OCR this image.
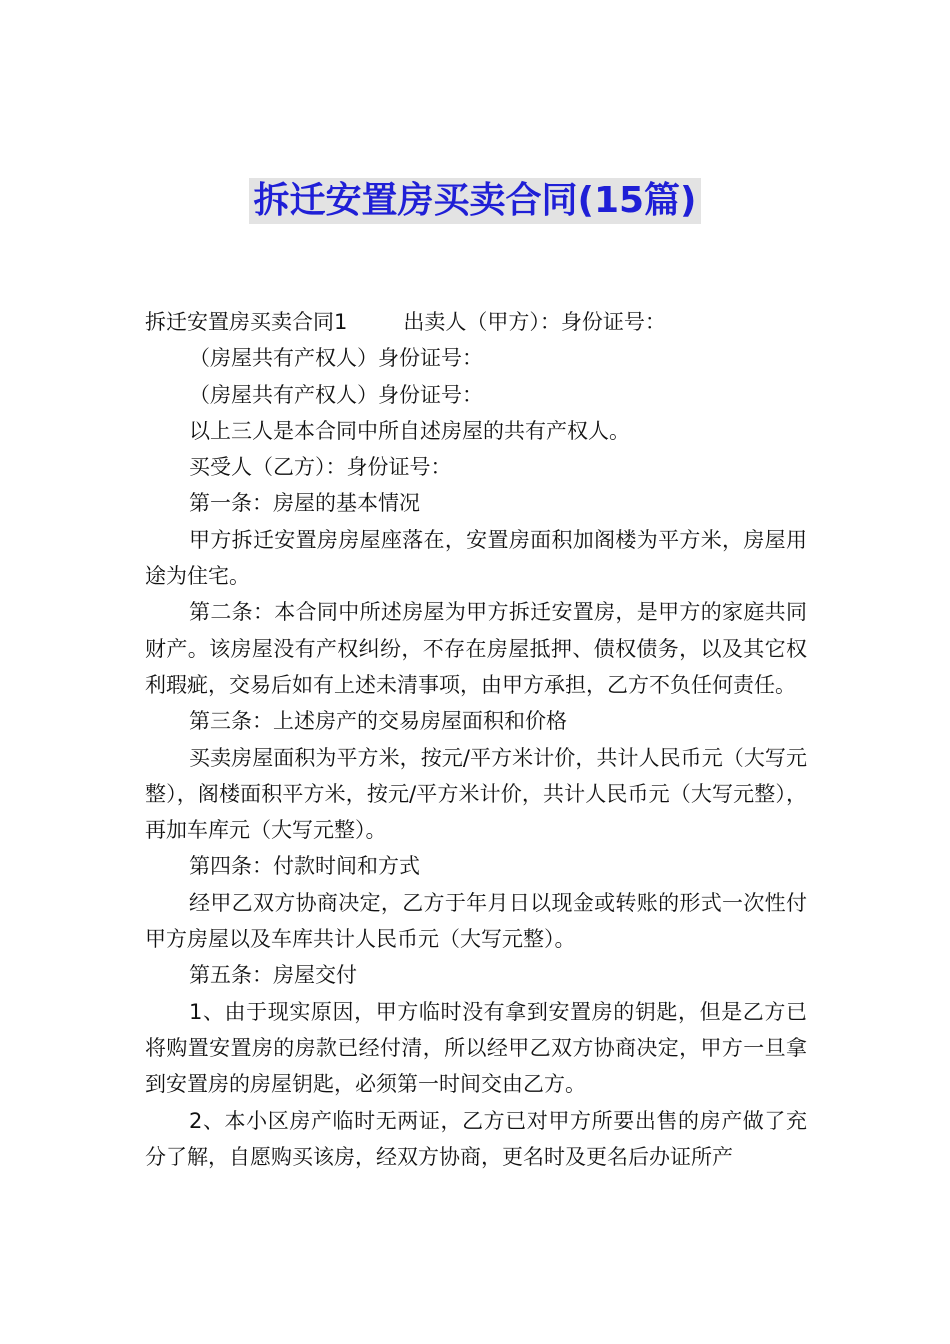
拆迁安置房买卖合同(15篇)

拆迁安置房买卖合同1	出卖人（甲方）：身份证号：

（房屋共有产权人）身份证号：

（房屋共有产权人）身份证号：

以上三人是本合同中所自述房屋的共有产权人。

买受人（乙方）：身份证号：

第一条：房屋的基本情况

甲方拆迁安置房房屋座落在，安置房面积加阁楼为平方米，房屋用途为住宅。

第二条：本合同中所述房屋为甲方拆迁安置房，是甲方的家庭共同财产。该房屋没有产权纠纷，不存在房屋抵押、债权债务，以及其它权利瑕疵，交易后如有上述未清事项，由甲方承担，乙方不负任何责任。

第三条：上述房产的交易房屋面积和价格

买卖房屋面积为平方米，按元/平方米计价，共计人民币元（大写元整），阁楼面积平方米，按元/平方米计价，共计人民币元（大写元整），再加车库元（大写元整）。

第四条：付款时间和方式

经甲乙双方协商决定，乙方于年月日以现金或转账的形式一次性付甲方房屋以及车库共计人民币元（大写元整）。

第五条：房屋交付

1、由于现实原因，甲方临时没有拿到安置房的钥匙，但是乙方已将购置安置房的房款已经付清，所以经甲乙双方协商决定，甲方一旦拿到安置房的房屋钥匙，必须第一时间交由乙方。

2、本小区房产临时无两证，乙方已对甲方所要出售的房产做了充分了解，自愿购买该房，经双方协商，更名时及更名后办证所产
